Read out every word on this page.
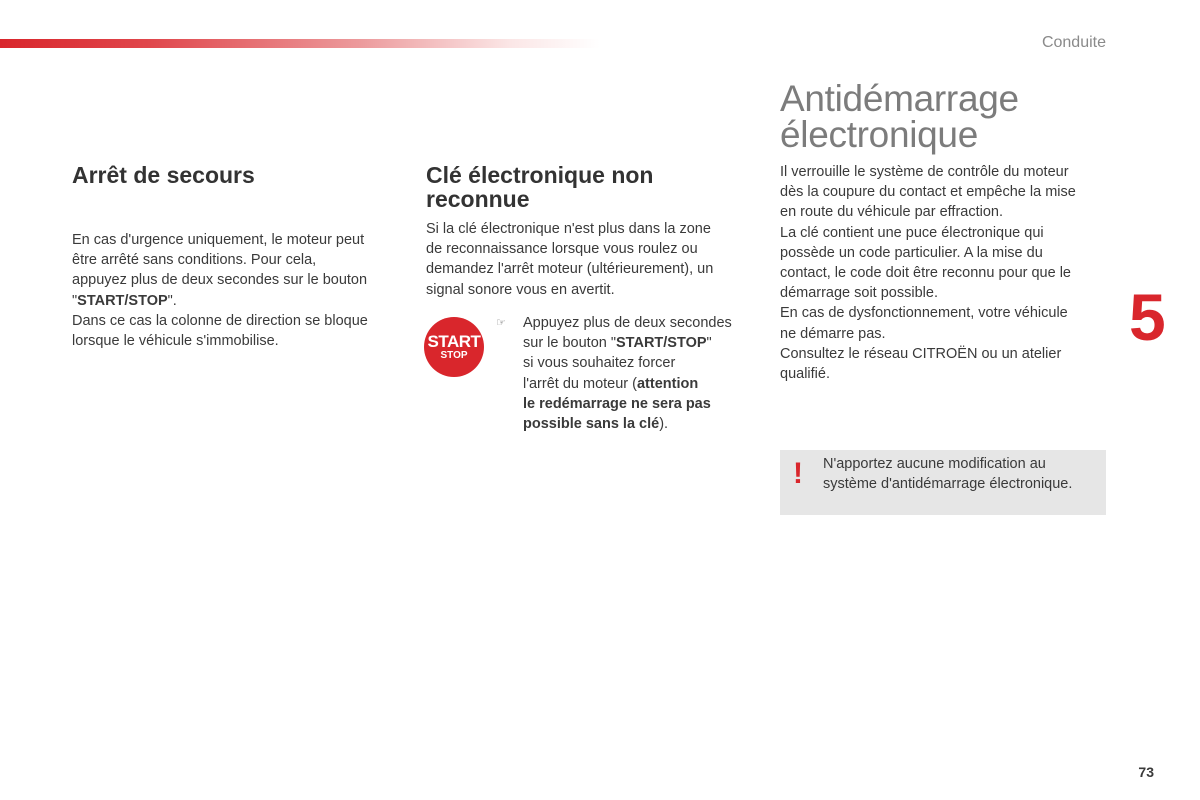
Conduite
Arrêt de secours

En cas d'urgence uniquement, le moteur peut

être arrêté sans conditions. Pour cela,

appuyez plus de deux secondes sur le bouton

"START/STOP".

Dans ce cas la colonne de direction se bloque

lorsque le véhicule s'immobilise.

Clé électronique non
reconnue

Si la clé électronique n'est plus dans la zone

de reconnaissance lorsque vous roulez ou

demandez l'arrêt moteur (ultérieurement), un

signal sonore vous en avertit.

START
STOP
☞ Appuyez plus de deux secondes

sur le bouton "START/STOP"

si vous souhaitez forcer

l'arrêt du moteur (attention

le redémarrage ne sera pas

possible sans la clé).

Antidémarrage
électronique

Il verrouille le système de contrôle du moteur

dès la coupure du contact et empêche la mise

en route du véhicule par effraction.

La clé contient une puce électronique qui

possède un code particulier. A la mise du

contact, le code doit être reconnu pour que le

démarrage soit possible.

En cas de dysfonctionnement, votre véhicule

ne démarre pas.

Consultez le réseau CITROËN ou un atelier

qualifié.

! N'apportez aucune modification au

système d'antidémarrage électronique.

5
73
